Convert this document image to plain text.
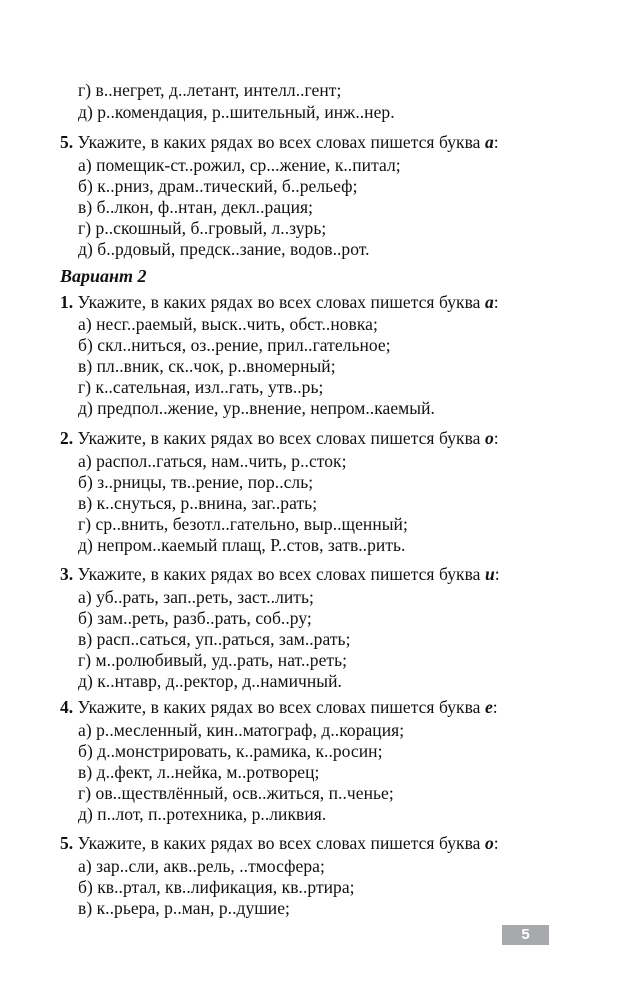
г) в..негрет, д..летант, интелл..гент;
д) р..комендация, р..шительный, инж..нер.
5. Укажите, в каких рядах во всех словах пишется буква а:
а) помещик-ст..рожил, ср...жение, к..питал;
б) к..рниз, драм..тический, б..рельеф;
в) б..лкон, ф..нтан, декл..рация;
г) р..скошный, б..гровый, л..зурь;
д) б..рдовый, предск..зание, водов..рот.
Вариант 2
1. Укажите, в каких рядах во всех словах пишется буква а:
а) несг..раемый, выск..чить, обст..новка;
б) скл..ниться, оз..рение, прил..гательное;
в) пл..вник, ск..чок, р..вномерный;
г) к..сательная, изл..гать, утв..рь;
д) предпол..жение, ур..внение, непром..каемый.
2. Укажите, в каких рядах во всех словах пишется буква о:
а) распол..гаться, нам..чить, р..сток;
б) з..рницы, тв..рение, пор..сль;
в) к..снуться, р..внина, заг..рать;
г) ср..внить, безотл..гательно, выр..щенный;
д) непром..каемый плащ, Р..стов, затв..рить.
3. Укажите, в каких рядах во всех словах пишется буква и:
а) уб..рать, зап..реть, заст..лить;
б) зам..реть, разб..рать, соб..ру;
в) расп..саться, уп..раться, зам..рать;
г) м..ролюбивый, уд..рать, нат..реть;
д) к..нтавр, д..ректор, д..намичный.
4. Укажите, в каких рядах во всех словах пишется буква е:
а) р..месленный, кин..матограф, д..корация;
б) д..монстрировать, к..рамика, к..росин;
в) д..фект, л..нейка, м..ротворец;
г) ов..ществлённый, осв..житься, п..ченье;
д) п..лот, п..ротехника, р..ликвия.
5. Укажите, в каких рядах во всех словах пишется буква о:
а) зар..сли, акв..рель, ..тмосфера;
б) кв..ртал, кв..лификация, кв..ртира;
в) к..рьера, р..ман, р..душие;
5
